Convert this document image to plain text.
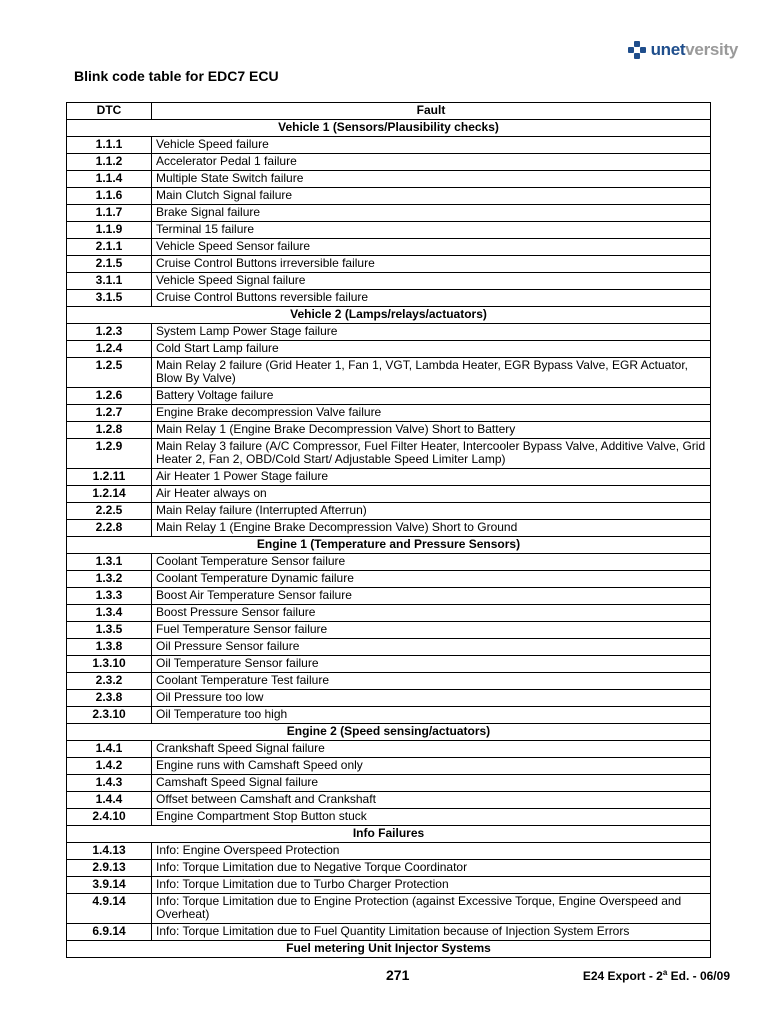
unetversity
Blink code table for EDC7 ECU
DTC	Fault
Vehicle 1 (Sensors/Plausibility checks)	
1.1.1	Vehicle Speed failure
1.1.2	Accelerator Pedal 1 failure
1.1.4	Multiple State Switch failure
1.1.6	Main Clutch Signal failure
1.1.7	Brake Signal failure
1.1.9	Terminal 15 failure
2.1.1	Vehicle Speed Sensor failure
2.1.5	Cruise Control Buttons irreversible failure
3.1.1	Vehicle Speed Signal failure
3.1.5	Cruise Control Buttons reversible failure
Vehicle 2 (Lamps/relays/actuators)	
1.2.3	System Lamp Power Stage failure
1.2.4	Cold Start Lamp failure
1.2.5	Main Relay 2 failure (Grid Heater 1, Fan 1, VGT, Lambda Heater, EGR Bypass Valve, EGR Actuator, Blow By Valve)
1.2.6	Battery Voltage failure
1.2.7	Engine Brake decompression Valve failure
1.2.8	Main Relay 1 (Engine Brake Decompression Valve) Short to Battery
1.2.9	Main Relay 3 failure (A/C Compressor, Fuel Filter Heater, Intercooler Bypass Valve, Additive Valve, Grid Heater 2, Fan 2, OBD/Cold Start/ Adjustable Speed Limiter Lamp)
1.2.11	Air Heater 1 Power Stage failure
1.2.14	Air Heater always on
2.2.5	Main Relay failure (Interrupted Afterrun)
2.2.8	Main Relay 1 (Engine Brake Decompression Valve) Short to Ground
Engine 1 (Temperature and Pressure Sensors)	
1.3.1	Coolant Temperature Sensor failure
1.3.2	Coolant Temperature Dynamic failure
1.3.3	Boost Air Temperature Sensor failure
1.3.4	Boost Pressure Sensor failure
1.3.5	Fuel Temperature Sensor failure
1.3.8	Oil Pressure Sensor failure
1.3.10	Oil Temperature Sensor failure
2.3.2	Coolant Temperature Test failure
2.3.8	Oil Pressure too low
2.3.10	Oil Temperature too high
Engine 2 (Speed sensing/actuators)	
1.4.1	Crankshaft Speed Signal failure
1.4.2	Engine runs with Camshaft Speed only
1.4.3	Camshaft Speed Signal failure
1.4.4	Offset between Camshaft and Crankshaft
2.4.10	Engine Compartment Stop Button stuck
Info Failures	
1.4.13	Info: Engine Overspeed Protection
2.9.13	Info: Torque Limitation due to Negative Torque Coordinator
3.9.14	Info: Torque Limitation due to Turbo Charger Protection
4.9.14	Info: Torque Limitation due to Engine Protection (against Excessive Torque, Engine Overspeed and Overheat)
6.9.14	Info: Torque Limitation due to Fuel Quantity Limitation because of Injection System Errors
Fuel metering Unit Injector Systems	
271	E24 Export - 2$^a$ Ed. - 06/09
